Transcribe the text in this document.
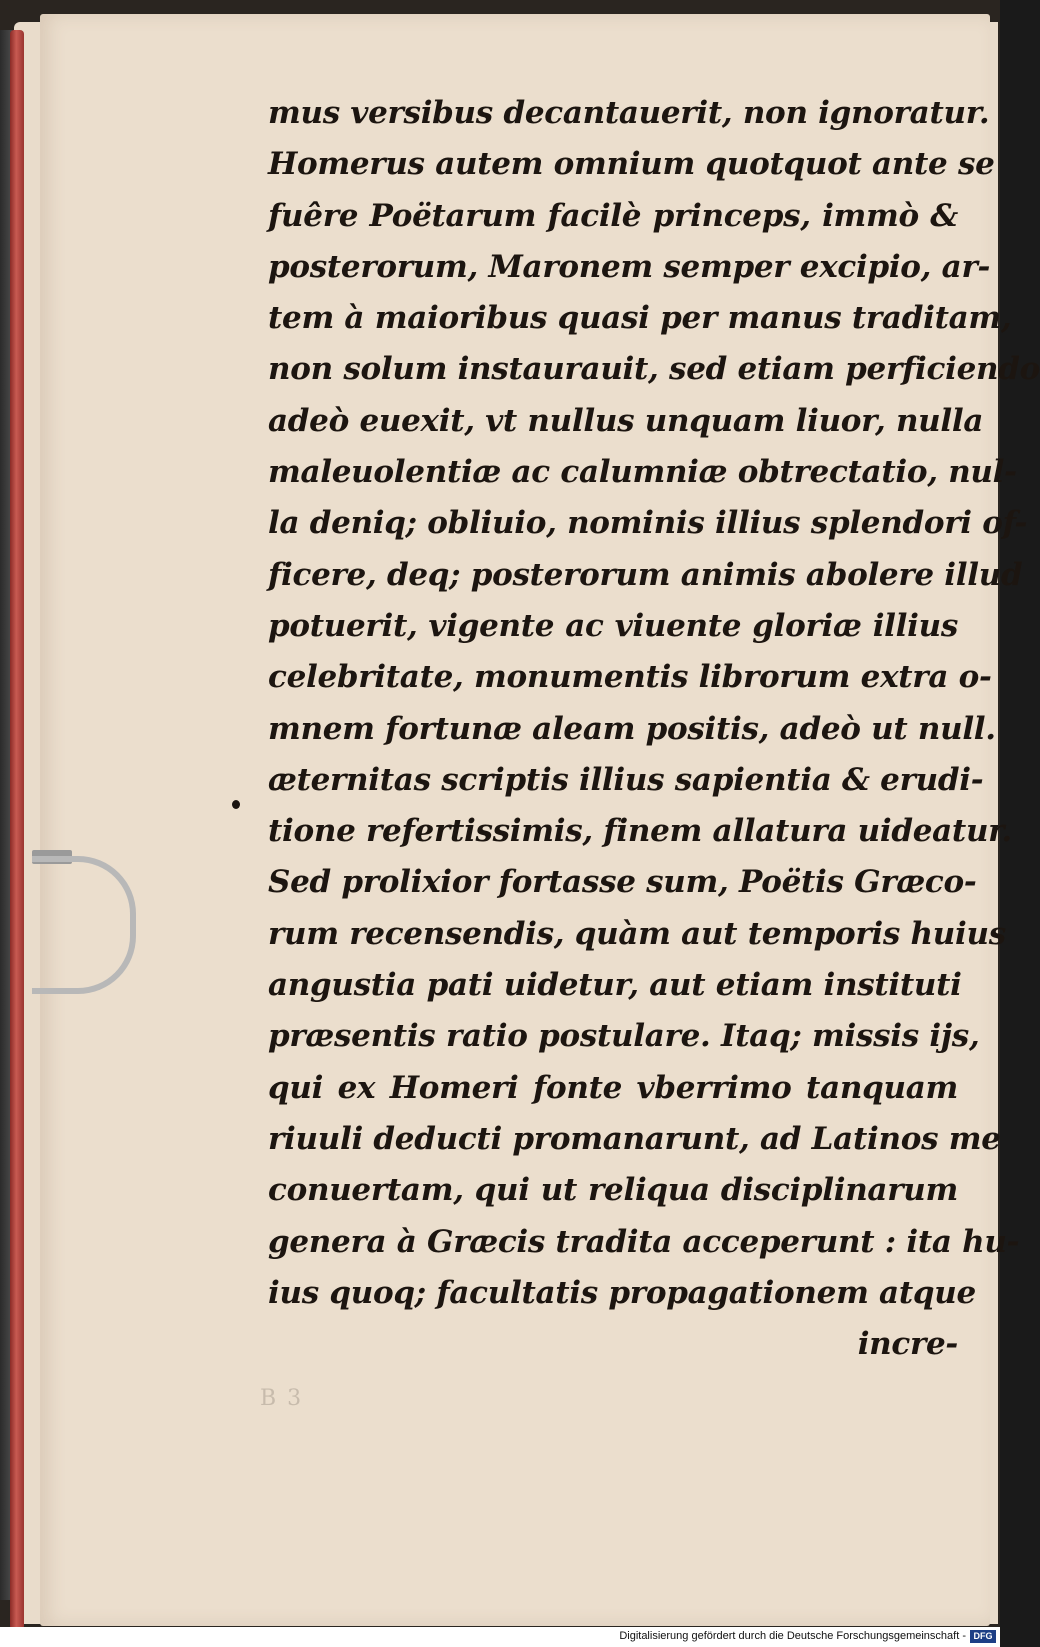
mus versibus decantauerit, non ignoratur.
Homerus autem omnium quotquot ante se
fuêre Poëtarum facilè princeps, immò &
posterorum, Maronem semper excipio, ar-
tem à maioribus quasi per manus traditam,
non solum instaurauit, sed etiam perficiendo
adeò euexit, vt nullus unquam liuor, nulla
maleuolentiæ ac calumniæ obtrectatio, nul-
la deniq; obliuio, nominis illius splendori of-
ficere, deq; posterorum animis abolere illud
potuerit, vigente ac viuente gloriæ illius
celebritate, monumentis librorum extra o-
mnem fortunæ aleam positis, adeò ut null.
æternitas scriptis illius sapientia & erudi-
tione refertissimis, finem allatura uideatur.
Sed prolixior fortasse sum, Poëtis Græco-
rum recensendis, quàm aut temporis huius
angustia pati uidetur, aut etiam instituti
præsentis ratio postulare. Itaq; missis ijs,
qui ex Homeri fonte vberrimo tanquam
riuuli deducti promanarunt, ad Latinos me
conuertam, qui ut reliqua disciplinarum
genera à Græcis tradita acceperunt : ita hu-
ius quoq; facultatis propagationem atque
incre-
B 3
Digitalisierung gefördert durch die Deutsche Forschungsgemeinschaft - DFG
